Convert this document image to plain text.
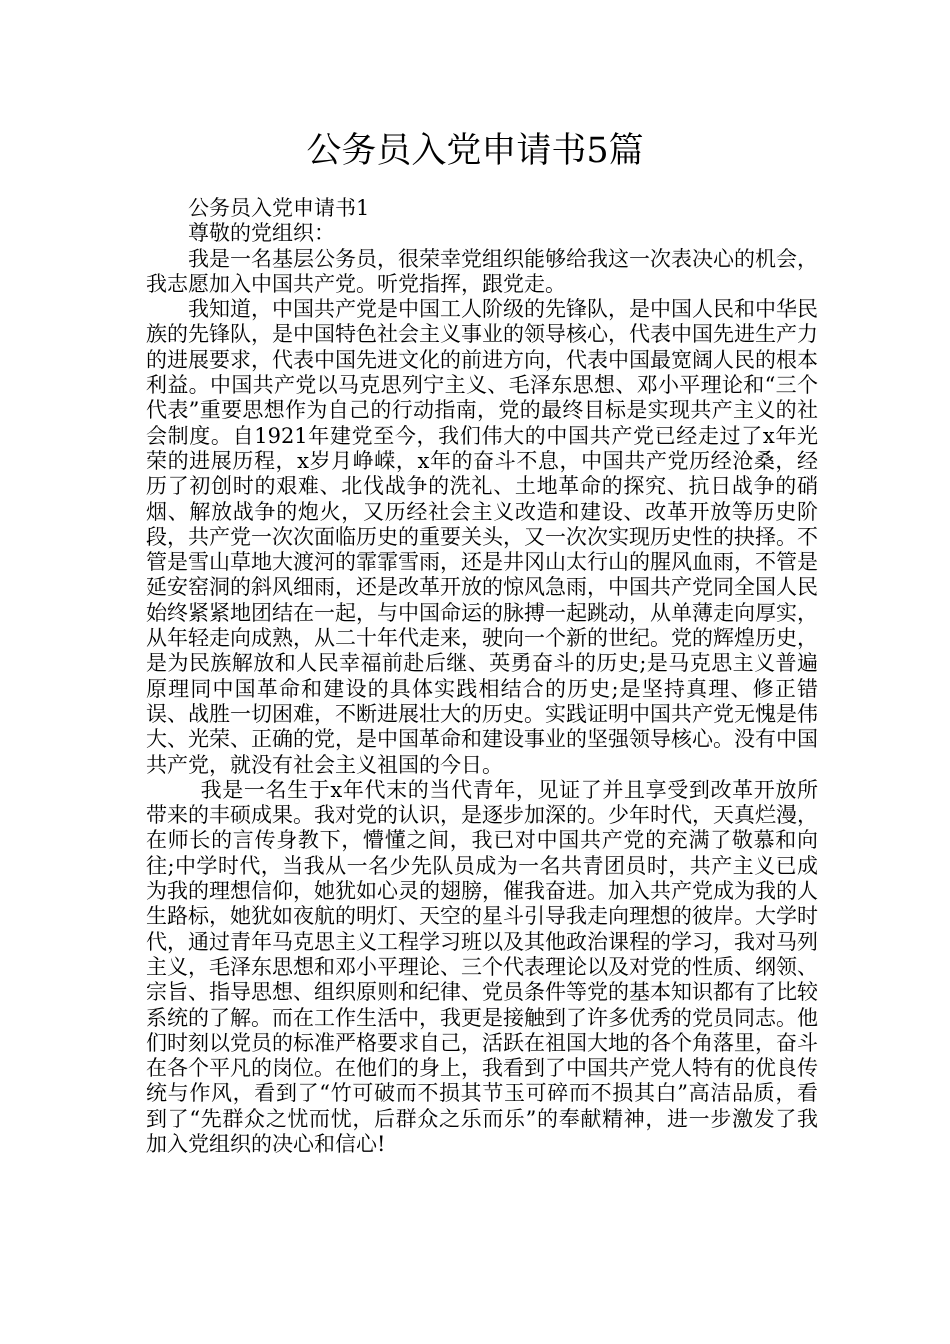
公务员入党申请书5篇

公务员入党申请书1

尊敬的党组织：

我是一名基层公务员，很荣幸党组织能够给我这一次表决心的机会，我志愿加入中国共产党。听党指挥，跟党走。

我知道，中国共产党是中国工人阶级的先锋队，是中国人民和中华民族的先锋队，是中国特色社会主义事业的领导核心，代表中国先进生产力的进展要求，代表中国先进文化的前进方向，代表中国最宽阔人民的根本利益。中国共产党以马克思列宁主义、毛泽东思想、邓小平理论和“三个代表”重要思想作为自己的行动指南，党的最终目标是实现共产主义的社会制度。自1921年建党至今，我们伟大的中国共产党已经走过了x年光荣的进展历程，x岁月峥嵘，x年的奋斗不息，中国共产党历经沧桑，经历了初创时的艰难、北伐战争的洗礼、土地革命的探究、抗日战争的硝烟、解放战争的炮火，又历经社会主义改造和建设、改革开放等历史阶段，共产党一次次面临历史的重要关头，又一次次实现历史性的抉择。不管是雪山草地大渡河的霏霏雪雨，还是井冈山太行山的腥风血雨，不管是延安窑洞的斜风细雨，还是改革开放的惊风急雨，中国共产党同全国人民始终紧紧地团结在一起，与中国命运的脉搏一起跳动，从单薄走向厚实，从年轻走向成熟，从二十年代走来，驶向一个新的世纪。党的辉煌历史，是为民族解放和人民幸福前赴后继、英勇奋斗的历史;是马克思主义普遍原理同中国革命和建设的具体实践相结合的历史;是坚持真理、修正错误、战胜一切困难，不断进展壮大的历史。实践证明中国共产党无愧是伟大、光荣、正确的党，是中国革命和建设事业的坚强领导核心。没有中国共产党，就没有社会主义祖国的今日。

我是一名生于x年代末的当代青年，见证了并且享受到改革开放所带来的丰硕成果。我对党的认识，是逐步加深的。少年时代，天真烂漫，在师长的言传身教下，懵懂之间，我已对中国共产党的充满了敬慕和向往;中学时代，当我从一名少先队员成为一名共青团员时，共产主义已成为我的理想信仰，她犹如心灵的翅膀，催我奋进。加入共产党成为我的人生路标，她犹如夜航的明灯、天空的星斗引导我走向理想的彼岸。大学时代，通过青年马克思主义工程学习班以及其他政治课程的学习，我对马列主义，毛泽东思想和邓小平理论、三个代表理论以及对党的性质、纲领、宗旨、指导思想、组织原则和纪律、党员条件等党的基本知识都有了比较系统的了解。而在工作生活中，我更是接触到了许多优秀的党员同志。他们时刻以党员的标准严格要求自己，活跃在祖国大地的各个角落里，奋斗在各个平凡的岗位。在他们的身上，我看到了中国共产党人特有的优良传统与作风，看到了“竹可破而不损其节玉可碎而不损其白”高洁品质，看到了“先群众之忧而忧，后群众之乐而乐”的奉献精神，进一步激发了我加入党组织的决心和信心!
